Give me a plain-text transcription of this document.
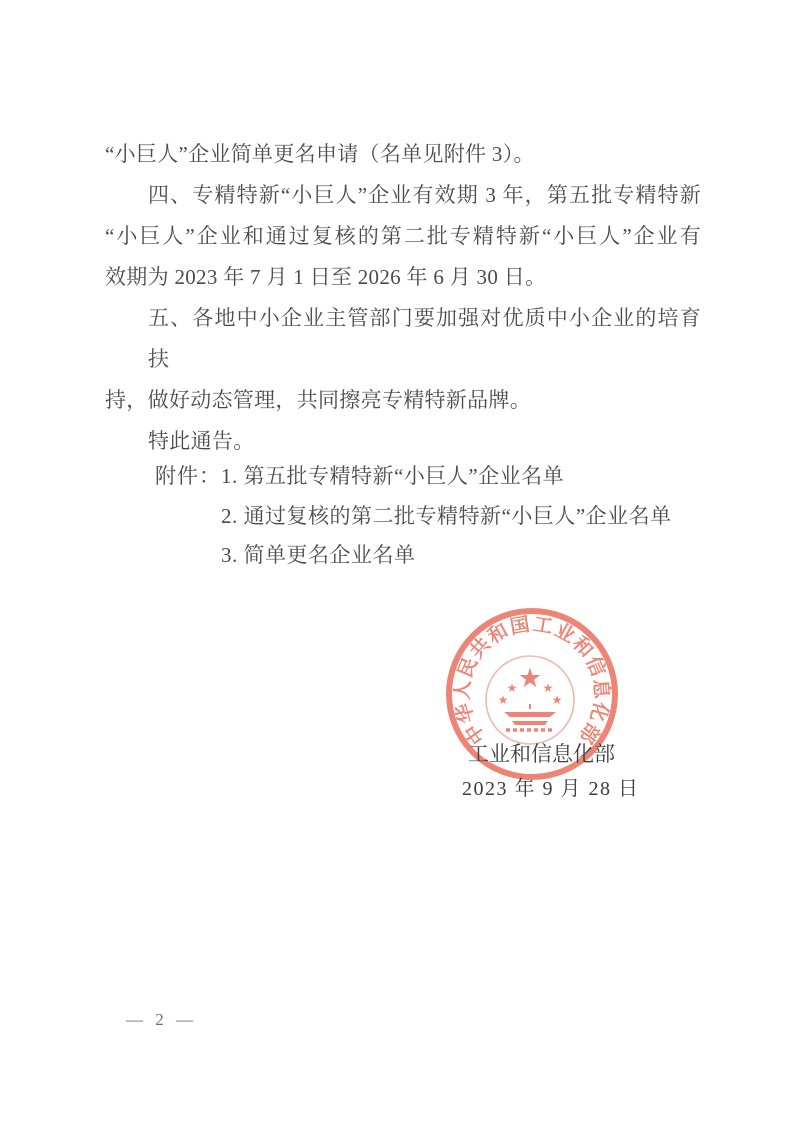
“小巨人”企业简单更名申请（名单见附件 3）。
四、专精特新“小巨人”企业有效期 3 年，第五批专精特新
“小巨人”企业和通过复核的第二批专精特新“小巨人”企业有
效期为 2023 年 7 月 1 日至 2026 年 6 月 30 日。
五、各地中小企业主管部门要加强对优质中小企业的培育扶
持，做好动态管理，共同擦亮专精特新品牌。
特此通告。
附件： 1. 第五批专精特新“小巨人”企业名单
2. 通过复核的第二批专精特新“小巨人”企业名单
3. 简单更名企业名单
中华人民共和国工业和信息化部
★
★
★
★
★
工业和信息化部
2023 年 9 月 28 日
— 2 —
